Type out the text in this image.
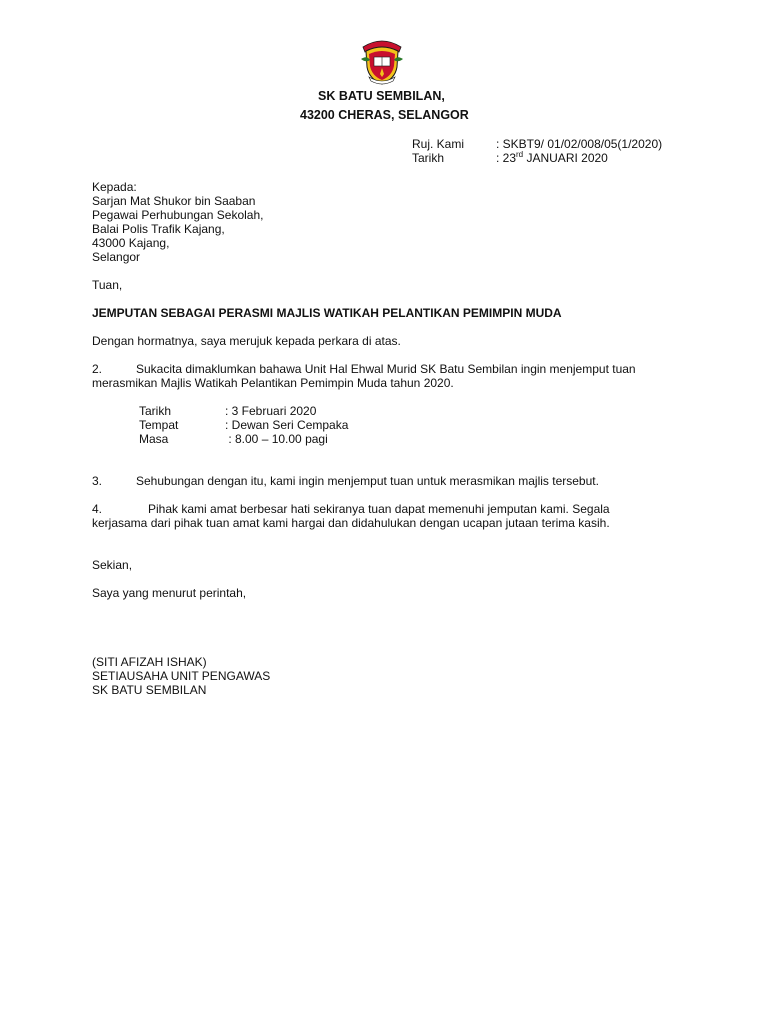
SK BATU SEMBILAN,
43200 CHERAS, SELANGOR
Ruj. Kami	: SKBT9/ 01/02/008/05(1/2020)
Tarikh	: 23rd JANUARI 2020
Kepada:
Sarjan Mat Shukor bin Saaban
Pegawai Perhubungan Sekolah,
Balai Polis Trafik Kajang,
43000 Kajang,
Selangor
Tuan,
JEMPUTAN SEBAGAI PERASMI MAJLIS WATIKAH PELANTIKAN PEMIMPIN MUDA
Dengan hormatnya, saya merujuk kepada perkara di atas.
2.	Sukacita dimaklumkan bahawa Unit Hal Ehwal Murid SK Batu Sembilan ingin menjemput tuan
merasmikan Majlis Watikah Pelantikan Pemimpin Muda tahun 2020.
Tarikh	: 3 Februari 2020
Tempat	: Dewan Seri Cempaka
Masa	: 8.00 – 10.00 pagi
3.	Sehubungan dengan itu, kami ingin menjemput tuan untuk merasmikan majlis tersebut.
4.	Pihak kami amat berbesar hati sekiranya tuan dapat memenuhi jemputan kami. Segala
kerjasama dari pihak tuan amat kami hargai dan didahulukan dengan ucapan jutaan terima kasih.
Sekian,
Saya yang menurut perintah,
(SITI AFIZAH ISHAK)
SETIAUSAHA UNIT PENGAWAS
SK BATU SEMBILAN
